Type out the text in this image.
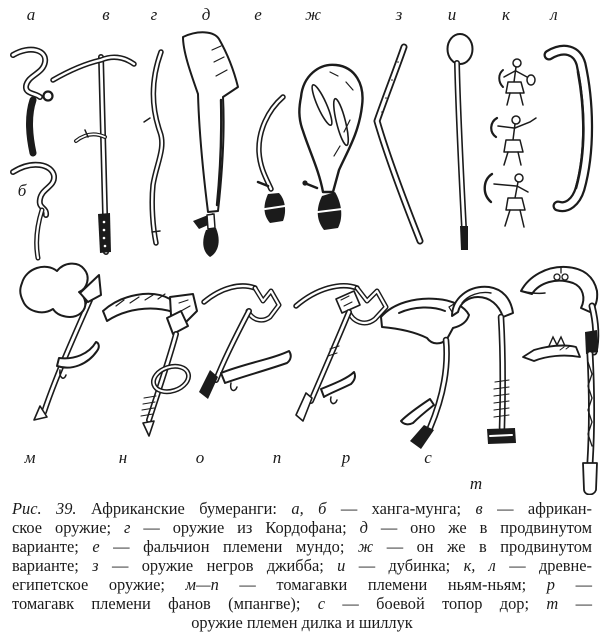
а	в г	д	е	ж	з	и	к л
б
м	н	о	п	р	с
т
Рис. 39. Африканские бумеранги: а, б — ханга-мунга; в — африкан-
ское оружие; г — оружие из Кордофана; д — оно же в продвинутом
варианте; е — фальчион племени мундо; ж — он же в продвинутом
варианте; з — оружие негров джибба; и — дубинка; к, л — древне-
египетское оружие; м—п — томагавки племени ньям-ньям; р —
томагавк племени фанов (мпангве); с — боевой топор дор; т —
оружие племен дилка и шиллук
